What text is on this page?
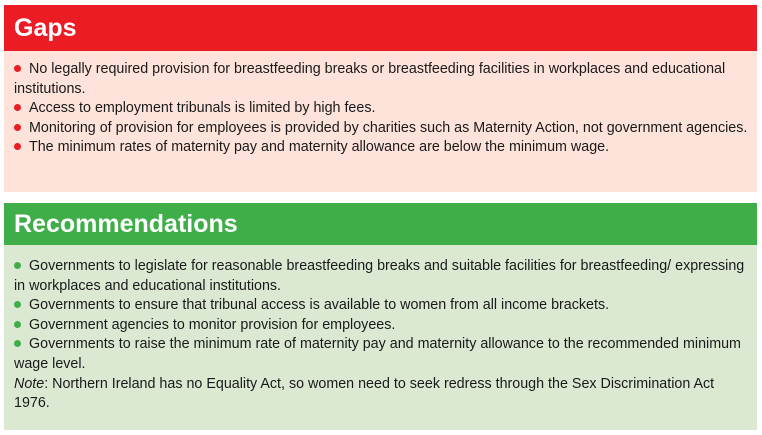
Gaps

No legally required provision for breastfeeding breaks or breastfeeding facilities in workplaces and educational institutions.

Access to employment tribunals is limited by high fees.

Monitoring of provision for employees is provided by charities such as Maternity Action, not government agencies.

The minimum rates of maternity pay and maternity allowance are below the minimum wage.

Recommendations

Governments to legislate for reasonable breastfeeding breaks and suitable facilities for breastfeeding/ expressing in workplaces and educational institutions.

Governments to ensure that tribunal access is available to women from all income brackets.

Government agencies to monitor provision for employees.

Governments to raise the minimum rate of maternity pay and maternity allowance to the recommended minimum wage level.

Note: Northern Ireland has no Equality Act, so women need to seek redress through the Sex Discrimination Act 1976.
